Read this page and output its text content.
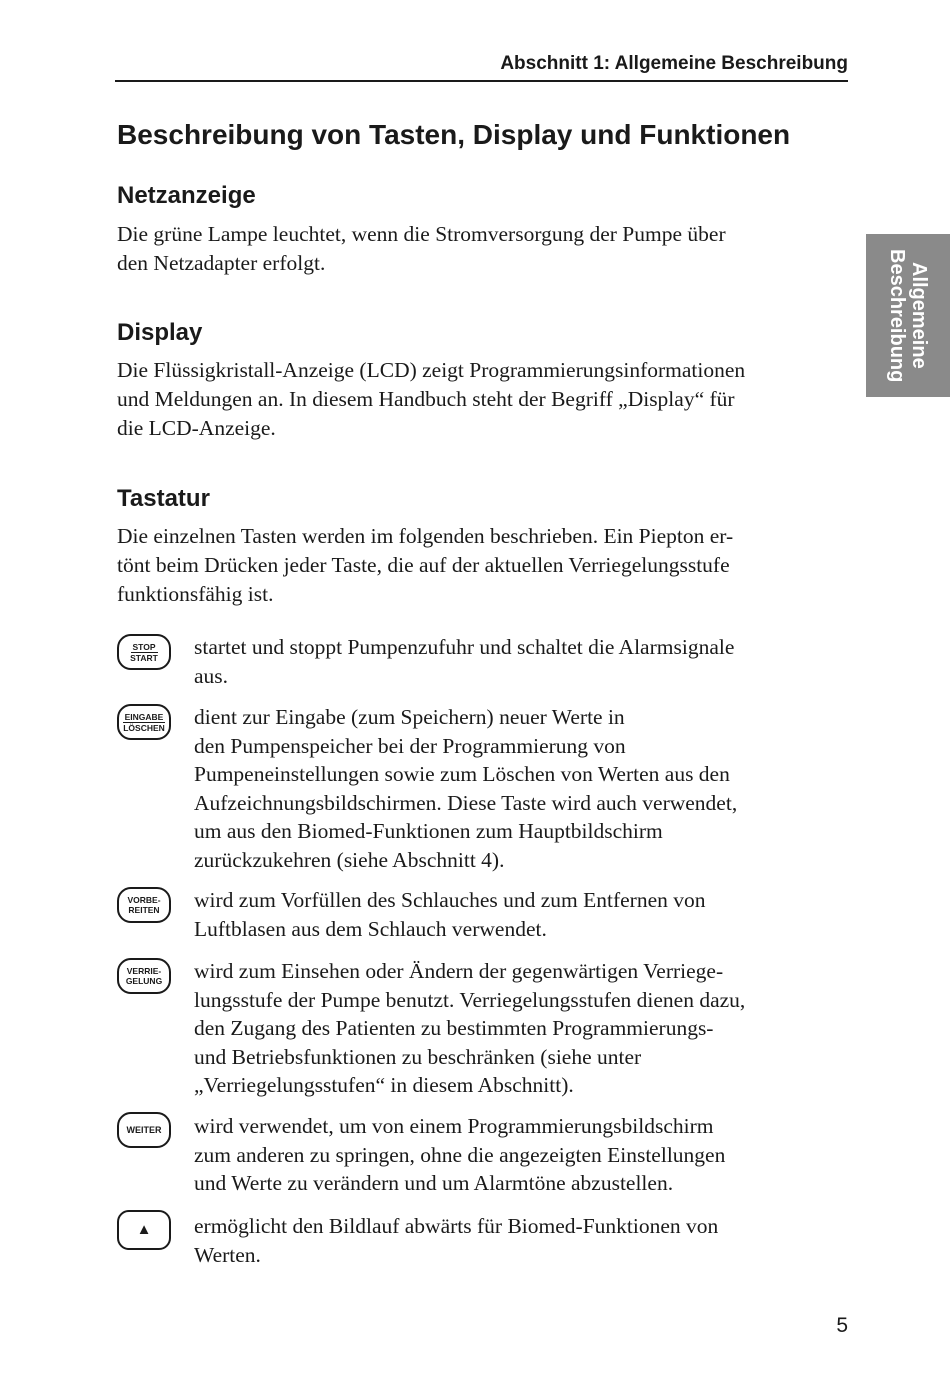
Abschnitt 1: Allgemeine Beschreibung
Beschreibung von Tasten, Display und Funktionen
Netzanzeige

Die grüne Lampe leuchtet, wenn die Stromversorgung der Pumpe über
den Netzadapter erfolgt.

Display

Die Flüssigkristall-Anzeige (LCD) zeigt Programmierungsinformationen
und Meldungen an. In diesem Handbuch steht der Begriff „Display“ für
die LCD-Anzeige.

Tastatur

Die einzelnen Tasten werden im folgenden beschrieben. Ein Piepton er-
tönt beim Drücken jeder Taste, die auf der aktuellen Verriegelungsstufe
funktionsfähig ist.

STOP
START startet und stoppt Pumpenzufuhr und schaltet die Alarmsignale
aus.

EINGABE
LÖSCHEN dient zur Eingabe (zum Speichern) neuer Werte in
den Pumpenspeicher bei der Programmierung von
Pumpeneinstellungen sowie zum Löschen von Werten aus den
Aufzeichnungsbildschirmen. Diese Taste wird auch verwendet,
um aus den Biomed-Funktionen zum Hauptbildschirm
zurückzukehren (siehe Abschnitt 4).

VORBE-
REITEN wird zum Vorfüllen des Schlauches und zum Entfernen von
Luftblasen aus dem Schlauch verwendet.

VERRIE-
GELUNG wird zum Einsehen oder Ändern der gegenwärtigen Verriege-
lungsstufe der Pumpe benutzt. Verriegelungsstufen dienen dazu,
den Zugang des Patienten zu bestimmten Programmierungs-
und Betriebsfunktionen zu beschränken (siehe unter
„Verriegelungsstufen“ in diesem Abschnitt).

WEITER wird verwendet, um von einem Programmierungsbildschirm
zum anderen zu springen, ohne die angezeigten Einstellungen
und Werte zu verändern und um Alarmtöne abzustellen.

▲ ermöglicht den Bildlauf abwärts für Biomed-Funktionen von
Werten.

Allgemeine
Beschreibung
5
